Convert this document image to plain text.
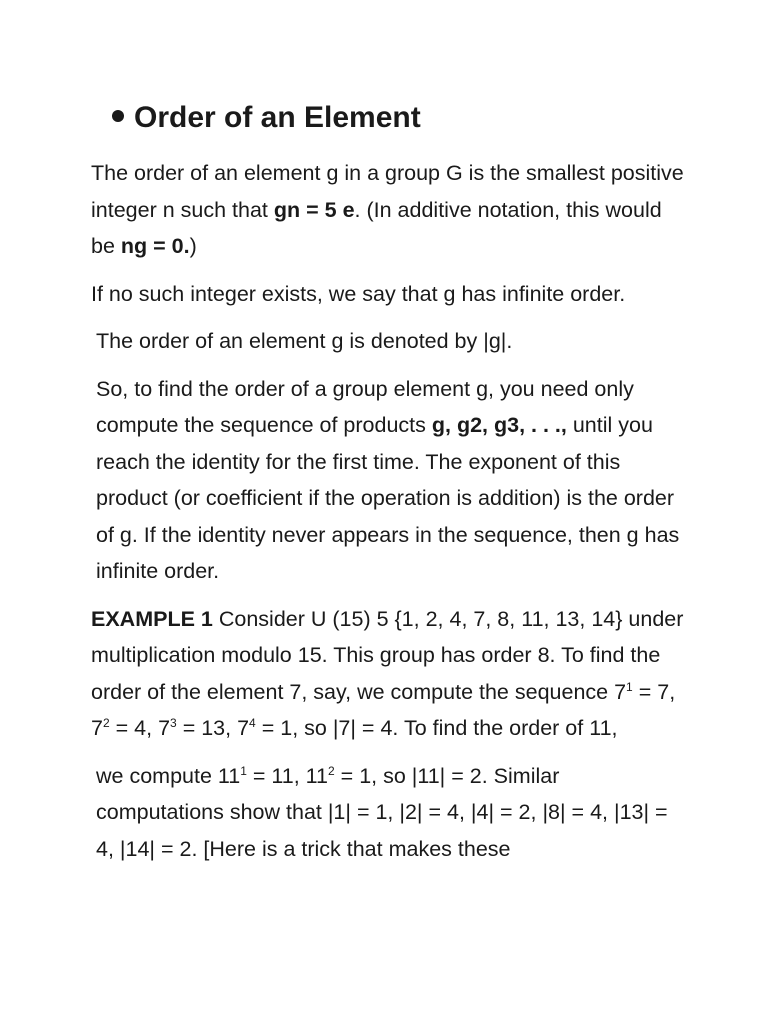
Order of an Element

The order of an element g in a group G is the smallest positive integer n such that gn = 5 e. (In additive notation, this would be ng = 0.)

If no such integer exists, we say that g has infinite order.

The order of an element g is denoted by |g|.

So, to find the order of a group element g, you need only compute the sequence of products g, g2, g3, . . ., until you reach the identity for the first time. The exponent of this product (or coefficient if the operation is addition) is the order of g. If the identity never appears in the sequence, then g has infinite order.

EXAMPLE 1 Consider U (15) 5 {1, 2, 4, 7, 8, 11, 13, 14} under multiplication modulo 15. This group has order 8. To find the order of the element 7, say, we compute the sequence $7^1 = 7$, $7^2 = 4$, $7^3 = 13$, $7^4 = 1$, so |7| = 4. To find the order of 11,

we compute $11^1 = 11$, $11^2 = 1$, so |11| = 2. Similar computations show that |1| = 1, |2| = 4, |4| = 2, |8| = 4, |13| = 4, |14| = 2. [Here is a trick that makes these
